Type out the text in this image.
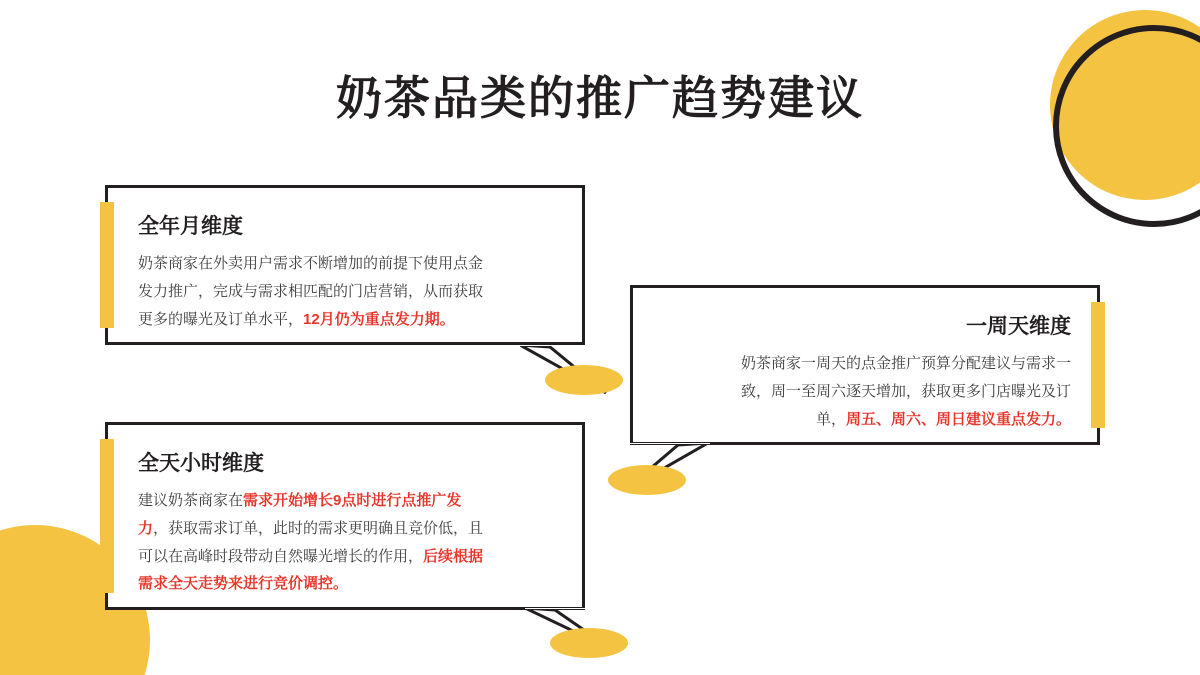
奶茶品类的推广趋势建议
全年月维度
奶茶商家在外卖用户需求不断增加的前提下使用点金
发力推广，完成与需求相匹配的门店营销，从而获取
更多的曝光及订单水平，12月仍为重点发力期。	一周天维度
奶茶商家一周天的点金推广预算分配建议与需求一
致，周一至周六逐天增加，获取更多门店曝光及订
单，周五、周六、周日建议重点发力。
全天小时维度
建议奶茶商家在需求开始增长9点时进行点推广发
力，获取需求订单，此时的需求更明确且竞价低，且
可以在高峰时段带动自然曝光增长的作用，后续根据
需求全天走势来进行竞价调控。
